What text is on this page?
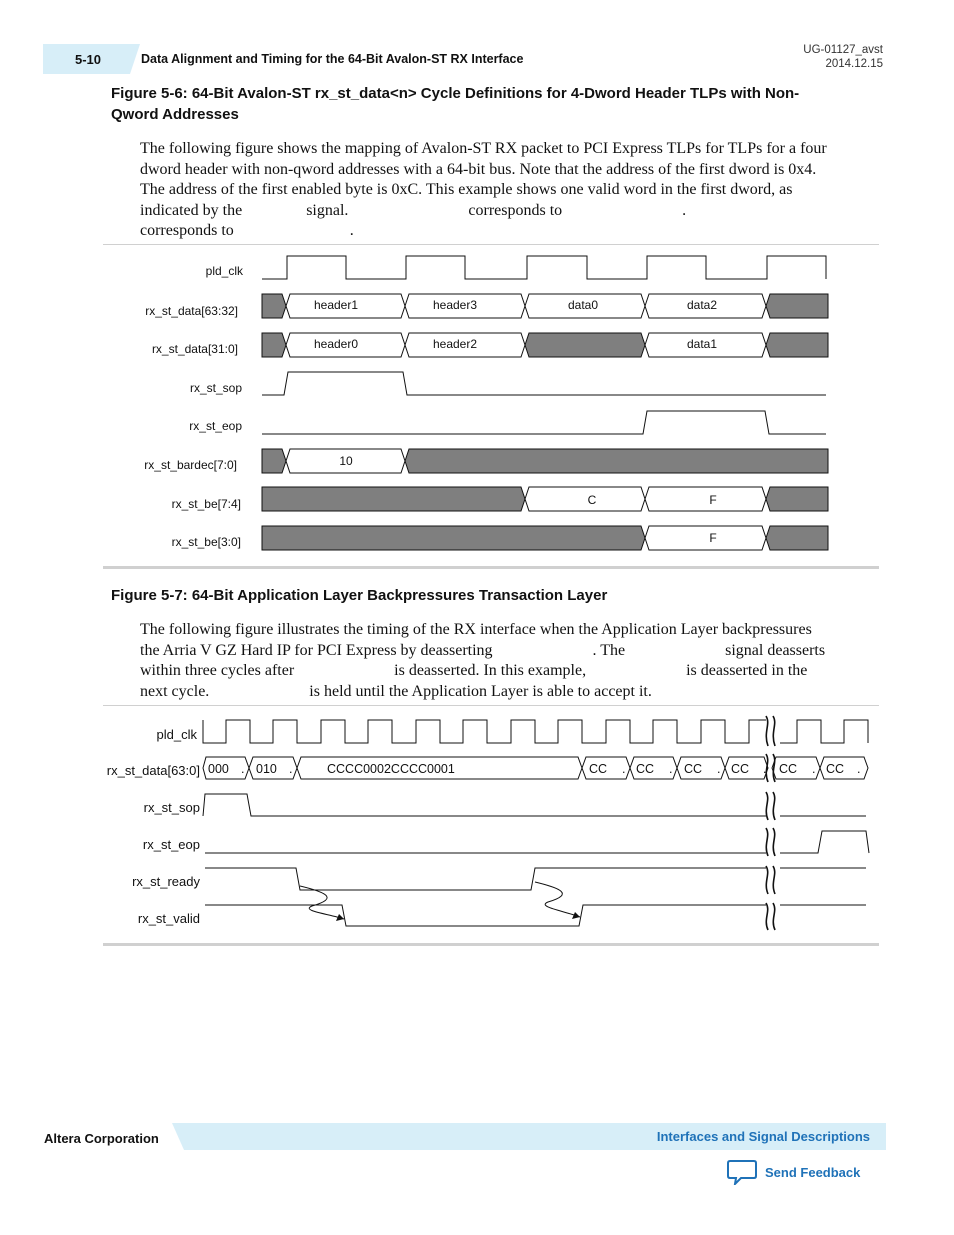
5-10	Data Alignment and Timing for the 64-Bit Avalon-ST RX Interface
UG-01127_avst
2014.12.15
Figure 5-6: 64-Bit Avalon-ST rx_st_data<n> Cycle Definitions for 4-Dword Header TLPs with Non-
Qword Addresses
The following figure shows the mapping of Avalon-ST RX packet to PCI Express TLPs for TLPs for a four
dword header with non-qword addresses with a 64-bit bus. Note that the address of the first dword is 0x4.
The address of the first enabled byte is 0xC. This example shows one valid word in the first dword, as
indicated by the                signal.                              corresponds to                              .
corresponds to                             .
pld_clk
rx_st_data[63:32]
rx_st_data[31:0]
rx_st_sop
rx_st_eop
rx_st_bardec[7:0]
rx_st_be[7:4]
rx_st_be[3:0]
header1	header3	data0	data2
header0	header2	data1
10
C	F
F
Figure 5-7: 64-Bit Application Layer Backpressures Transaction Layer
The following figure illustrates the timing of the RX interface when the Application Layer backpressures
the Arria V GZ Hard IP for PCI Express by deasserting                         . The                         signal deasserts
within three cycles after                         is deasserted. In this example,                         is deasserted in the
next cycle.                         is held until the Application Layer is able to accept it.
pld_clk
rx_st_data[63:0]
rx_st_sop
rx_st_eop
rx_st_ready
rx_st_valid
000 . 010 .	CCCC0002CCCC0001	CC . CC . CC . CC . CC . CC .
Altera Corporation	Interfaces and Signal Descriptions
Send Feedback
